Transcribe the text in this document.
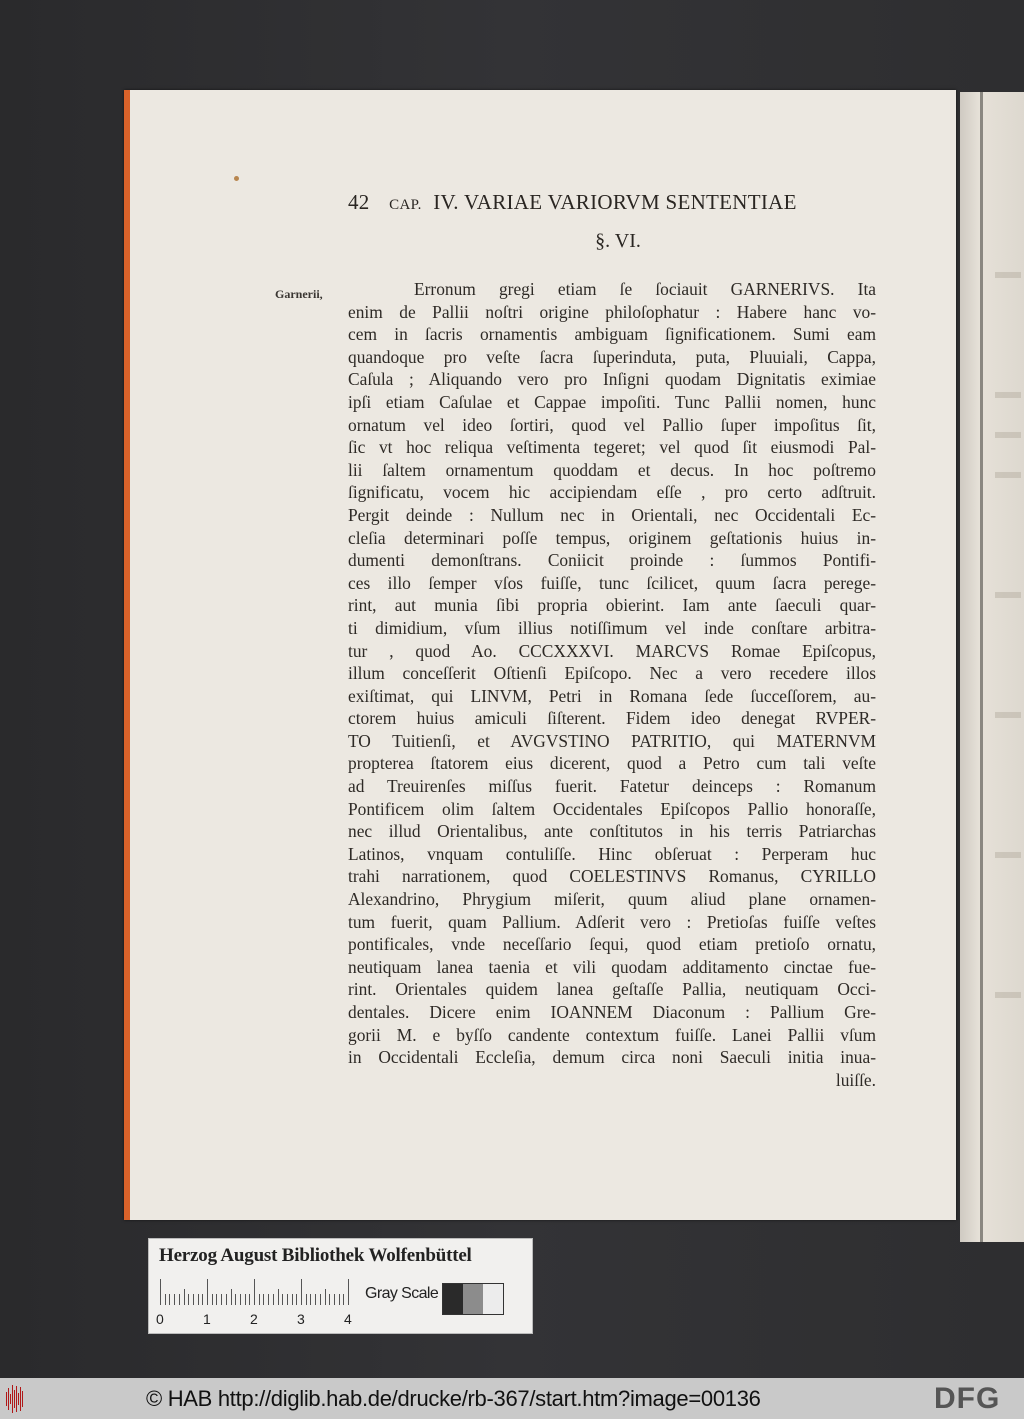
42 CAP. IV. VARIAE VARIORVM SENTENTIAE
§. VI.
Garnerii,	Erronum gregi etiam ſe ſociauit GARNERIVS. Ita
enim de Pallii noſtri origine philoſophatur : Habere hanc vo-
cem in ſacris ornamentis ambiguam ſignificationem. Sumi eam
quandoque pro veſte ſacra ſuperinduta, puta, Pluuiali, Cappa,
Caſula ; Aliquando vero pro Inſigni quodam Dignitatis eximiae
ipſi etiam Caſulae et Cappae impoſiti. Tunc Pallii nomen, hunc
ornatum vel ideo ſortiri, quod vel Pallio ſuper impoſitus ſit,
ſic vt hoc reliqua veſtimenta tegeret; vel quod ſit eiusmodi Pal-
lii ſaltem ornamentum quoddam et decus. In hoc poſtremo
ſignificatu, vocem hic accipiendam eſſe , pro certo adſtruit.
Pergit deinde : Nullum nec in Orientali, nec Occidentali Ec-
cleſia determinari poſſe tempus, originem geſtationis huius in-
dumenti demonſtrans. Coniicit proinde : ſummos Pontifi-
ces illo ſemper vſos fuiſſe, tunc ſcilicet, quum ſacra perege-
rint, aut munia ſibi propria obierint. Iam ante ſaeculi quar-
ti dimidium, vſum illius notiſſimum vel inde conſtare arbitra-
tur , quod Ao. CCCXXXVI. MARCVS Romae Epiſcopus,
illum conceſſerit Oſtienſi Epiſcopo. Nec a vero recedere illos
exiſtimat, qui LINVM, Petri in Romana ſede ſucceſſorem, au-
ctorem huius amiculi ſiſterent. Fidem ideo denegat RVPER-
TO Tuitienſi, et AVGVSTINO PATRITIO, qui MATERNVM
propterea ſtatorem eius dicerent, quod a Petro cum tali veſte
ad Treuirenſes miſſus fuerit. Fatetur deinceps : Romanum
Pontificem olim ſaltem Occidentales Epiſcopos Pallio honoraſſe,
nec illud Orientalibus, ante conſtitutos in his terris Patriarchas
Latinos, vnquam contuliſſe. Hinc obſeruat : Perperam huc
trahi narrationem, quod COELESTINVS Romanus, CYRILLO
Alexandrino, Phrygium miſerit, quum aliud plane ornamen-
tum fuerit, quam Pallium. Adſerit vero : Pretioſas fuiſſe veſtes
pontificales, vnde neceſſario ſequi, quod etiam pretioſo ornatu,
neutiquam lanea taenia et vili quodam additamento cinctae fue-
rint. Orientales quidem lanea geſtaſſe Pallia, neutiquam Occi-
dentales. Dicere enim IOANNEM Diaconum : Pallium Gre-
gorii M. e byſſo candente contextum fuiſſe. Lanei Pallii vſum
in Occidentali Eccleſia, demum circa noni Saeculi initia inua-
luiſſe.
Herzog August Bibliothek Wolfenbüttel
0	1	2	3	4
Gray Scale
© HAB http://diglib.hab.de/drucke/rb-367/start.htm?image=00136	DFG
